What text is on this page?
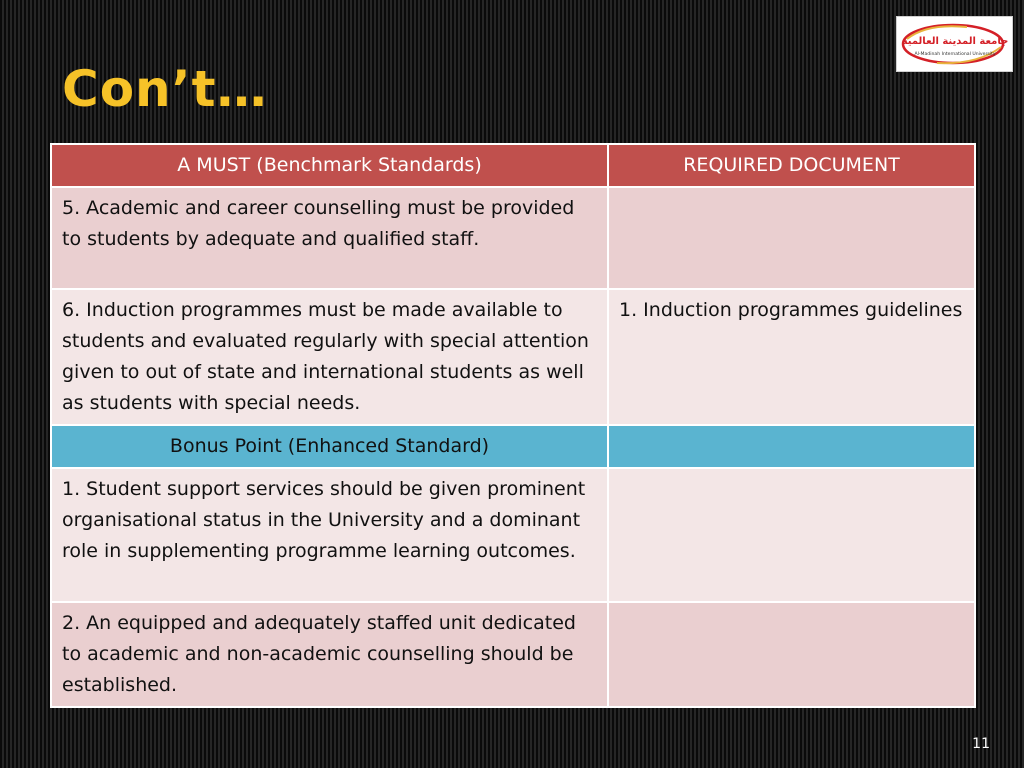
Con’t…
جامعة المدينة العالمية
Al-Madinah International University
A MUST (Benchmark Standards)	REQUIRED DOCUMENT
5. Academic and career counselling must be provided to students by adequate and qualified staff.	
6. Induction programmes must be made available to students and evaluated regularly with special attention given to out of state and international students as well as students with special needs.	1. Induction programmes guidelines
Bonus Point (Enhanced Standard)	
1. Student support services should be given prominent organisational status in the University and a dominant role in supplementing programme learning outcomes.	
2. An equipped and adequately staffed unit dedicated to academic and non-academic counselling should be established.	
11
